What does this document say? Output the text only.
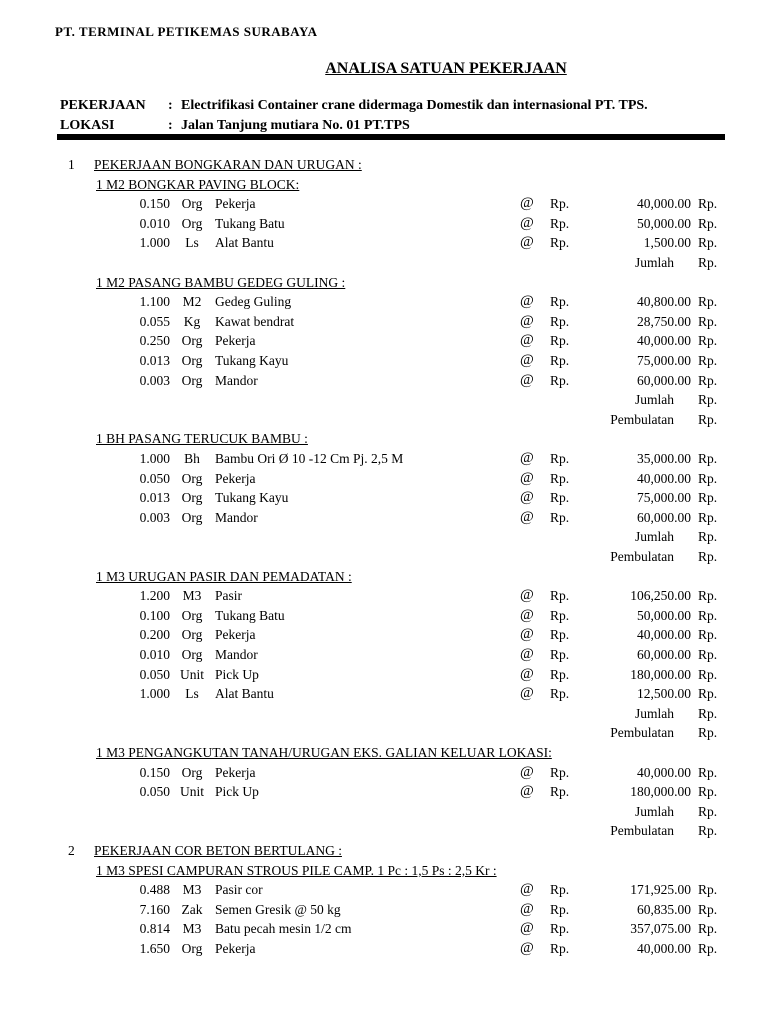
PT. TERMINAL PETIKEMAS SURABAYA
ANALISA SATUAN PEKERJAAN
PEKERJAAN	: Electrifikasi Container crane didermaga Domestik dan internasional PT. TPS.
LOKASI	: Jalan Tanjung mutiara No. 01 PT.TPS
1 PEKERJAAN BONGKARAN DAN URUGAN :
1 M2 BONGKAR PAVING BLOCK:
0.150 Org Pekerja	@ Rp.	40,000.00 Rp.
0.010 Org Tukang Batu	@ Rp.	50,000.00 Rp.
1.000	Ls	Alat Bantu	@ Rp.	1,500.00 Rp.
Jumlah Rp.
1 M2 PASANG BAMBU GEDEG GULING :
1.100 M2	Gedeg Guling	@ Rp.	40,800.00 Rp.
0.055	Kg	Kawat bendrat	@ Rp.	28,750.00 Rp.
0.250 Org Pekerja	@ Rp.	40,000.00 Rp.
0.013 Org Tukang Kayu	@ Rp.	75,000.00 Rp.
0.003 Org Mandor	@ Rp.	60,000.00 Rp.
Jumlah Rp.
Pembulatan Rp.
1 BH PASANG TERUCUK BAMBU :
1.000	Bh	Bambu Ori Ø 10 -12 Cm Pj. 2,5 M	@ Rp.	35,000.00 Rp.
0.050 Org Pekerja	@ Rp.	40,000.00 Rp.
0.013 Org Tukang Kayu	@ Rp.	75,000.00 Rp.
0.003 Org Mandor	@ Rp.	60,000.00 Rp.
Jumlah Rp.
Pembulatan Rp.
1 M3 URUGAN PASIR DAN PEMADATAN :
1.200 M3	Pasir	@ Rp.	106,250.00 Rp.
0.100 Org Tukang Batu	@ Rp.	50,000.00 Rp.
0.200 Org Pekerja	@ Rp.	40,000.00 Rp.
0.010 Org Mandor	@ Rp.	60,000.00 Rp.
0.050 Unit Pick Up	@ Rp.	180,000.00 Rp.
1.000	Ls	Alat Bantu	@ Rp.	12,500.00 Rp.
Jumlah Rp.
Pembulatan Rp.
1 M3 PENGANGKUTAN TANAH/URUGAN EKS. GALIAN KELUAR LOKASI:
0.150 Org Pekerja	@ Rp.	40,000.00 Rp.
0.050 Unit Pick Up	@ Rp.	180,000.00 Rp.
Jumlah Rp.
Pembulatan Rp.
2 PEKERJAAN COR BETON BERTULANG :
1 M3 SPESI CAMPURAN STROUS PILE CAMP. 1 Pc : 1,5 Ps : 2,5 Kr :
0.488 M3	Pasir cor	@ Rp.	171,925.00 Rp.
7.160 Zak Semen Gresik @ 50 kg	@ Rp.	60,835.00 Rp.
0.814 M3	Batu pecah mesin 1/2 cm	@ Rp.	357,075.00 Rp.
1.650 Org Pekerja	@ Rp.	40,000.00 Rp.
